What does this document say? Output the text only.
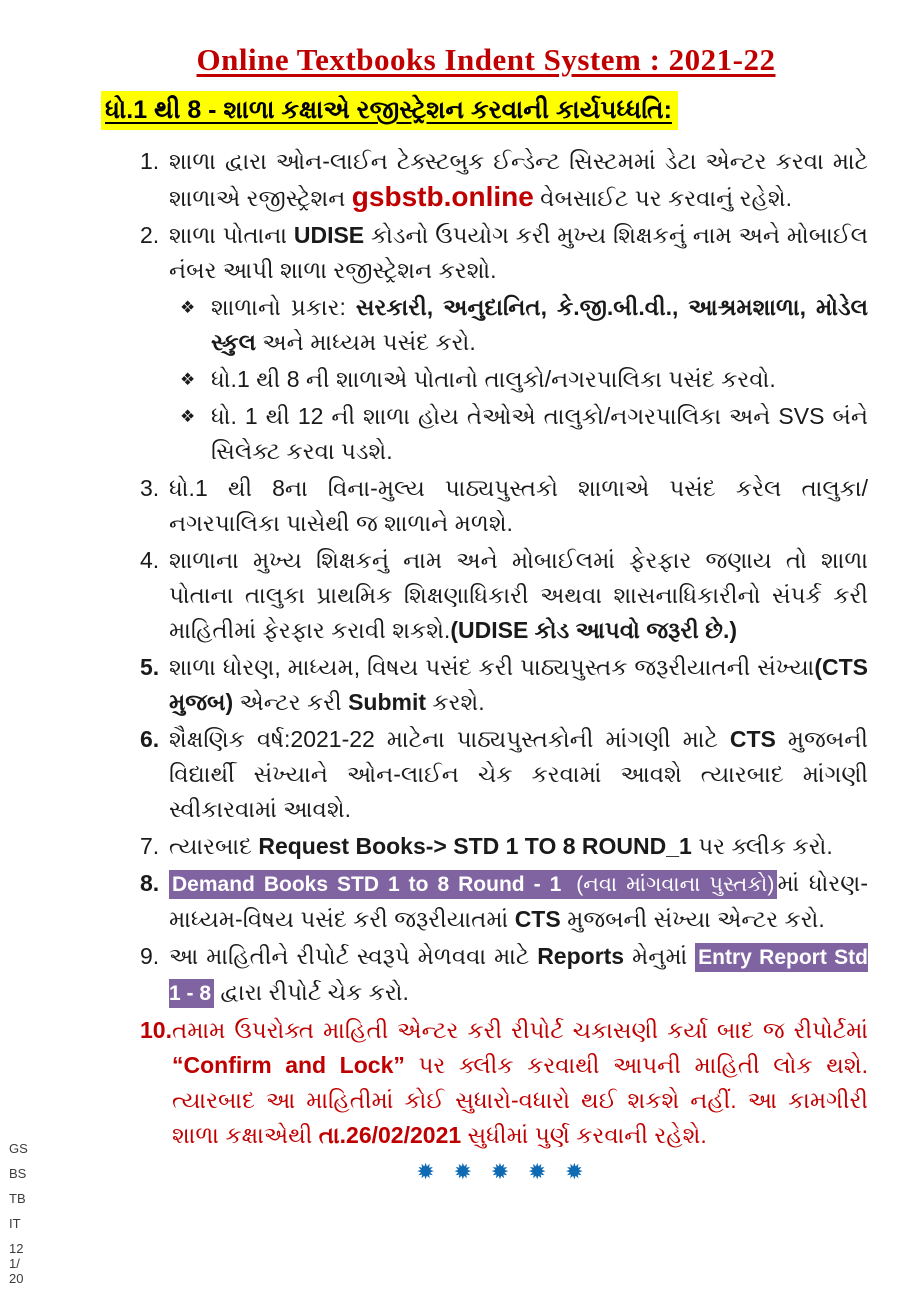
Online Textbooks Indent System : 2021-22
ધો.1 થી 8 - શાળા કક્ષાએ રજીસ્ટ્રેશન કરવાની કાર્યપધ્ધતિ:
1. શાળા દ્વારા ઓન-લાઈન ટેક્સ્ટબુક ઈન્ડેન્ટ સિસ્ટમમાં ડેટા એન્ટર કરવા માટે શાળાએ રજીસ્ટ્રેશન gsbstb.online વેબસાઈટ પર કરવાનું રહેશે.
2. શાળા પોતાના UDISE કોડનો ઉપયોગ કરી મુખ્ય શિક્ષકનું નામ અને મોબાઈલ નંબર આપી શાળા રજીસ્ટ્રેશન કરશો.
❖ શાળાનો પ્રકાર: સરકારી, અનુદાનિત, કે.જી.બી.વી., આશ્રમશાળા, મોડેલ સ્કુલ અને માધ્યમ પસંદ કરો.
❖ ધો.1 થી 8 ની શાળાએ પોતાનો તાલુકો/નગરપાલિકા પસંદ કરવો.
❖ ધો. 1 થી 12 ની શાળા હોય તેઓએ તાલુકો/નગરપાલિકા અને SVS બંને સિલેક્ટ કરવા પડશે.
3. ધો.1 થી 8ના વિના-મુલ્ય પાઠ્યપુસ્તકો શાળાએ પસંદ કરેલ તાલુકા/નગરપાલિકા પાસેથી જ શાળાને મળશે.
4. શાળાના મુખ્ય શિક્ષકનું નામ અને મોબાઈલમાં ફેરફાર જણાય તો શાળા પોતાના તાલુકા પ્રાથમિક શિક્ષણાધિકારી અથવા શાસનાધિકારીનો સંપર્ક કરી માહિતીમાં ફેરફાર કરાવી શકશે.(UDISE કોડ આપવો જરૂરી છે.)
5. શાળા ધોરણ, માધ્યમ, વિષય પસંદ કરી પાઠ્યપુસ્તક જરૂરીયાતની સંખ્યા(CTS મુજબ) એન્ટર કરી Submit કરશે.
6. શૈક્ષણિક વર્ષ:2021-22 માટેના પાઠ્યપુસ્તકોની માંગણી માટે CTS મુજબની વિદ્યાર્થી સંખ્યાને ઓન-લાઈન ચેક કરવામાં આવશે ત્યારબાદ માંગણી સ્વીકારવામાં આવશે.
7. ત્યારબાદ Request Books-> STD 1 TO 8 ROUND_1 પર ક્લીક કરો.
8. Demand Books STD 1 to 8 Round - 1 (નવા માંગવાના પુસ્તકો) માં ધોરણ-માધ્યમ-વિષય પસંદ કરી જરૂરીયાતમાં CTS મુજબની સંખ્યા એન્ટર કરો.
9. આ માહિતીને રીપોર્ટ સ્વરૂપે મેળવવા માટે Reports મેનુમાં Entry Report Std 1 - 8 દ્વારા રીપોર્ટ ચેક કરો.
10. તમામ ઉપરોક્ત માહિતી એન્ટર કરી રીપોર્ટ ચકાસણી કર્યા બાદ જ રીપોર્ટમાં “Confirm and Lock” પર ક્લીક કરવાથી આપની માહિતી લોક થશે. ત્યારબાદ આ માહિતીમાં કોઈ સુધારો-વધારો થઈ શકશે નહીં. આ કામગીરી શાળા કક્ષાએથી તા.26/02/2021 સુધીમાં પુર્ણ કરવાની રહેશે.
✹ ✹ ✹ ✹ ✹
GS
BS
TB
IT
12
1/
20
